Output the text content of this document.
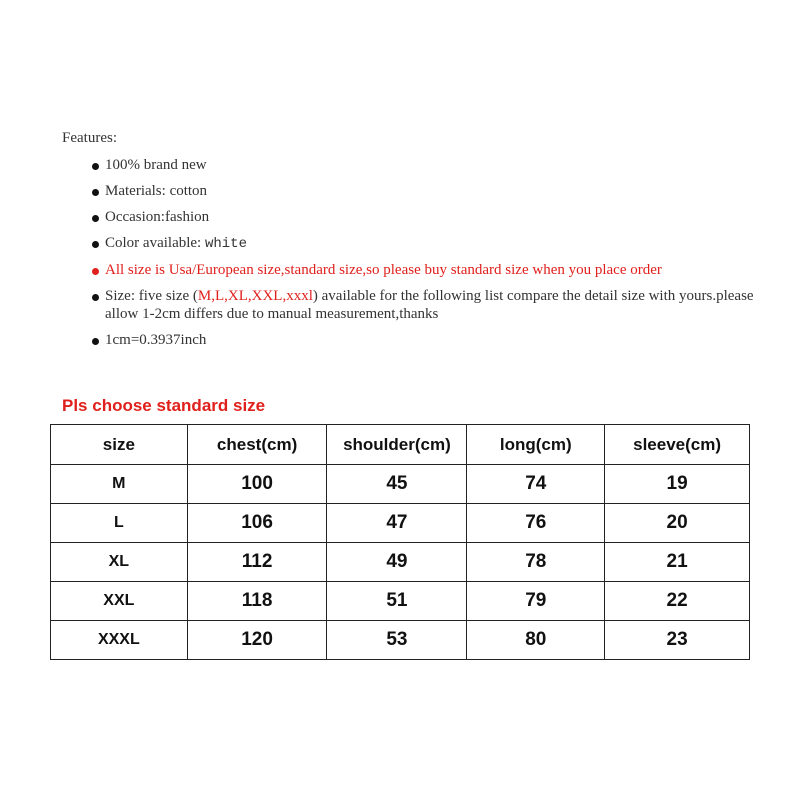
Features:
100% brand new
Materials: cotton
Occasion:fashion
Color available: white
All size is Usa/European size,standard size,so please buy standard size when you place order
Size: five size (M,L,XL,XXL,xxxl) available for the following list compare the detail size with yours.please allow 1-2cm differs due to manual measurement,thanks
1cm=0.3937inch
Pls choose standard size
size	chest(cm)	shoulder(cm)	long(cm)	sleeve(cm)
M	100	45	74	19
L	106	47	76	20
XL	112	49	78	21
XXL	118	51	79	22
XXXL	120	53	80	23
